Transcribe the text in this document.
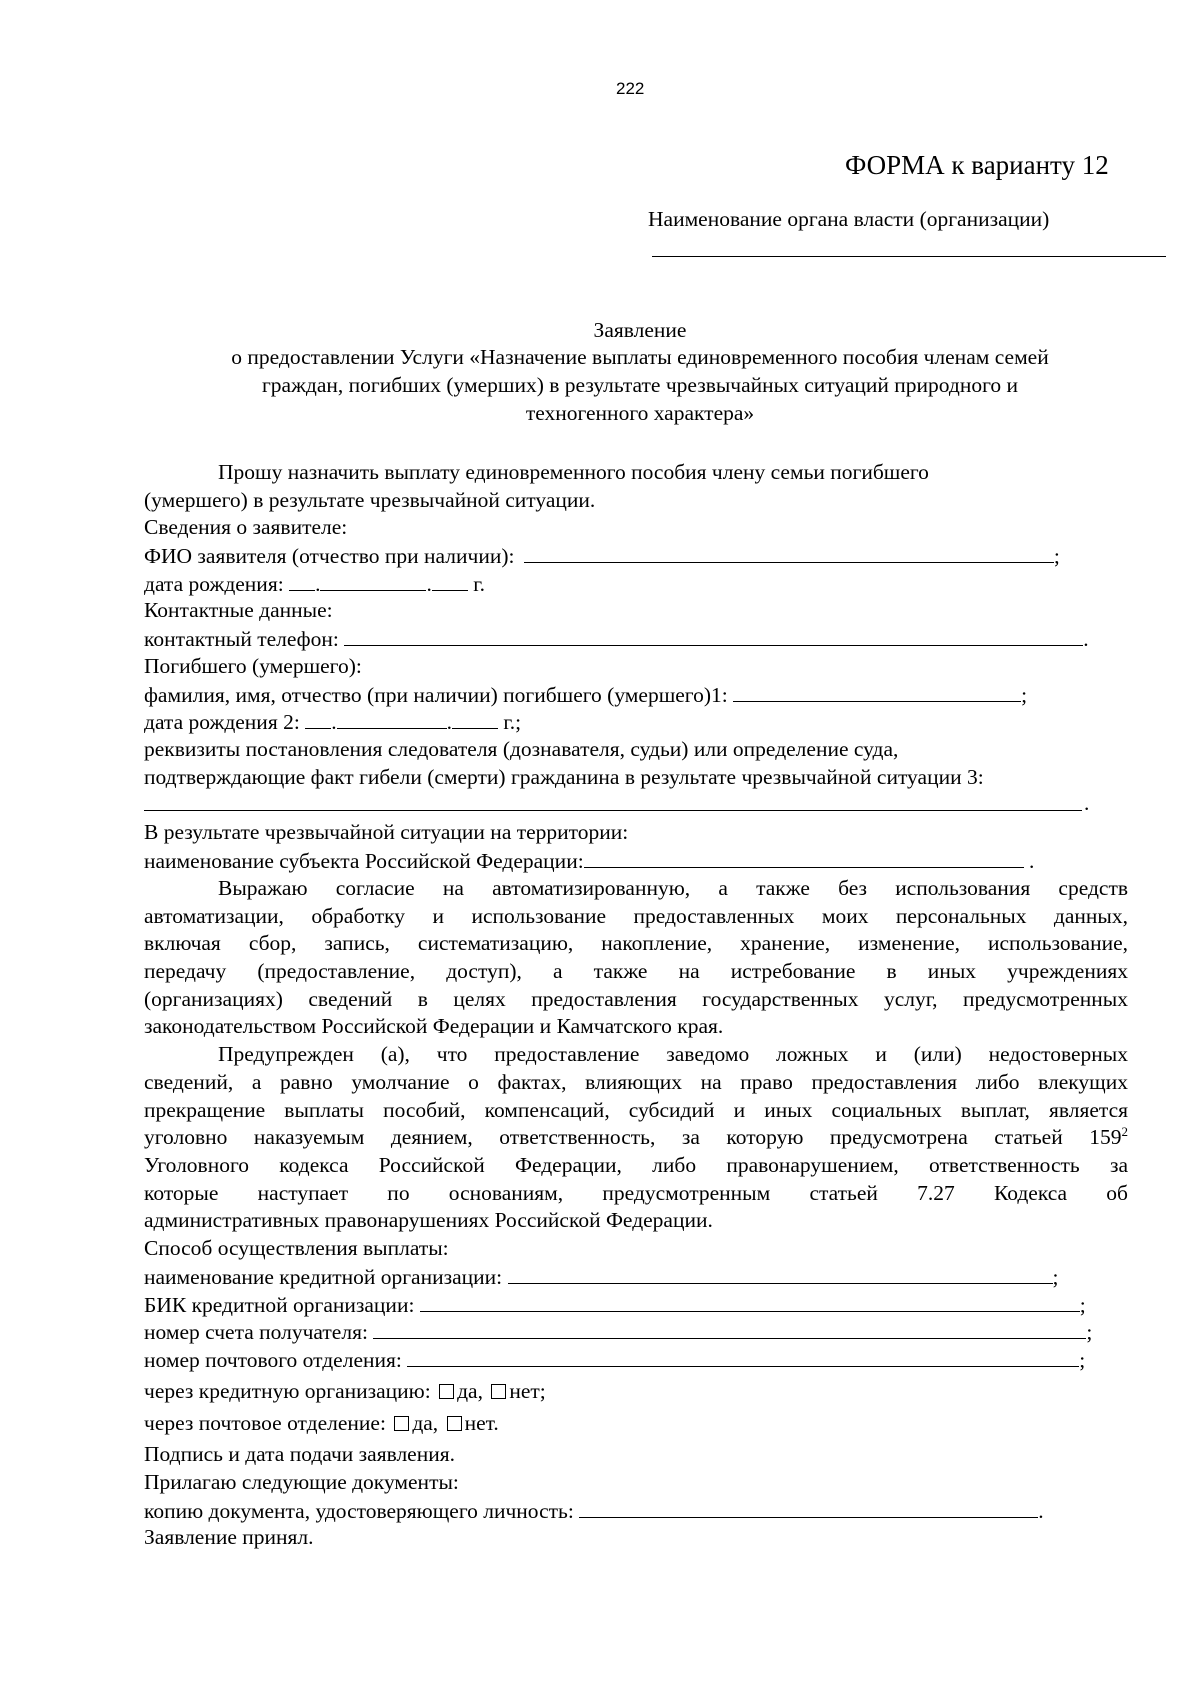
222
ФОРМА к варианту 12
Наименование органа власти (организации)
Заявление
о предоставлении Услуги «Назначение выплаты единовременного пособия членам семей
граждан, погибших (умерших) в результате чрезвычайных ситуаций природного и
техногенного характера»
Прошу назначить выплату единовременного пособия члену семьи погибшего
(умершего) в результате чрезвычайной ситуации.
Сведения о заявителе:
ФИО заявителя (отчество при наличии):	;
дата рождения: .	. г.
Контактные данные:
контактный телефон:	.
Погибшего (умершего):
фамилия, имя, отчество (при наличии) погибшего (умершего)1:	;
дата рождения 2: .	. г.;
реквизиты постановления следователя (дознавателя, судьи) или определение суда,
подтверждающие факт гибели (смерти) гражданина в результате чрезвычайной ситуации 3:
.
В результате чрезвычайной ситуации на территории:
наименование субъекта Российской Федерации:	.
Выражаю согласие на автоматизированную, а также без использования средств
автоматизации, обработку и использование предоставленных моих персональных данных,
включая сбор, запись, систематизацию, накопление, хранение, изменение, использование,
передачу (предоставление, доступ), а также на истребование в иных учреждениях
(организациях) сведений в целях предоставления государственных услуг, предусмотренных
законодательством Российской Федерации и Камчатского края.
Предупрежден (а), что предоставление заведомо ложных и (или) недостоверных
сведений, а равно умолчание о фактах, влияющих на право предоставления либо влекущих
прекращение выплаты пособий, компенсаций, субсидий и иных социальных выплат, является
уголовно наказуемым деянием, ответственность, за которую предусмотрена статьей $159^2$
Уголовного кодекса Российской Федерации, либо правонарушением, ответственность за
которые наступает по основаниям, предусмотренным статьей 7.27 Кодекса об
административных правонарушениях Российской Федерации.
Способ осуществления выплаты:
наименование кредитной организации:	;
БИК кредитной организации:	;
номер счета получателя:	;
номер почтового отделения:	;
через кредитную организацию: да, нет;
через почтовое отделение: да, нет.
Подпись и дата подачи заявления.
Прилагаю следующие документы:
копию документа, удостоверяющего личность:	.
Заявление принял.
